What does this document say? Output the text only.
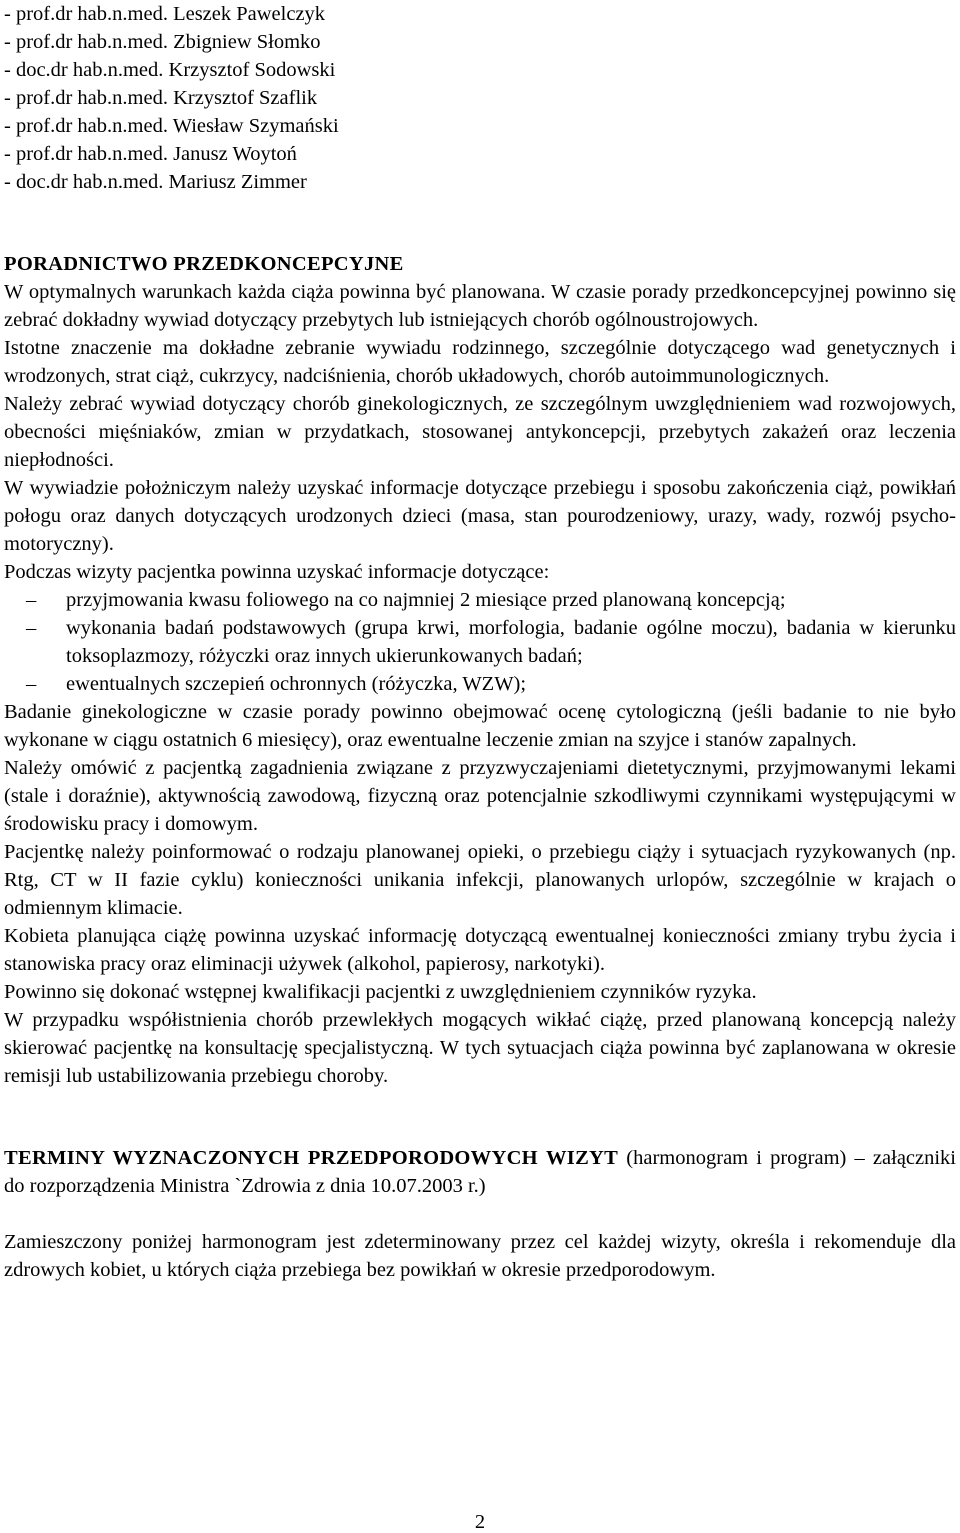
- prof.dr hab.n.med. Leszek Pawelczyk
- prof.dr hab.n.med. Zbigniew Słomko
- doc.dr hab.n.med. Krzysztof Sodowski
- prof.dr hab.n.med. Krzysztof Szaflik
- prof.dr hab.n.med. Wiesław Szymański
- prof.dr hab.n.med. Janusz Woytoń
- doc.dr hab.n.med. Mariusz Zimmer

PORADNICTWO PRZEDKONCEPCYJNE

W optymalnych warunkach każda ciąża powinna być planowana. W czasie porady przedkoncepcyjnej powinno się zebrać dokładny wywiad dotyczący przebytych lub istniejących chorób ogólnoustrojowych.

Istotne znaczenie ma dokładne zebranie wywiadu rodzinnego, szczególnie dotyczącego wad genetycznych i wrodzonych, strat ciąż, cukrzycy, nadciśnienia, chorób układowych, chorób autoimmunologicznych.

Należy zebrać wywiad dotyczący chorób ginekologicznych, ze szczególnym uwzględnieniem wad rozwojowych, obecności mięśniaków, zmian w przydatkach, stosowanej antykoncepcji, przebytych zakażeń oraz leczenia niepłodności.

W wywiadzie położniczym należy uzyskać informacje dotyczące przebiegu i sposobu zakończenia ciąż, powikłań połogu oraz danych dotyczących urodzonych dzieci (masa, stan pourodzeniowy, urazy, wady, rozwój psycho-motoryczny).

Podczas wizyty pacjentka powinna uzyskać informacje dotyczące:

– przyjmowania kwasu foliowego na co najmniej 2 miesiące przed planowaną koncepcją;
– wykonania badań podstawowych (grupa krwi, morfologia, badanie ogólne moczu), badania w kierunku toksoplazmozy, różyczki oraz innych ukierunkowanych badań;
– ewentualnych szczepień ochronnych (różyczka, WZW);

Badanie ginekologiczne w czasie porady powinno obejmować ocenę cytologiczną (jeśli badanie to nie było wykonane w ciągu ostatnich 6 miesięcy), oraz ewentualne leczenie zmian na szyjce i stanów zapalnych.

Należy omówić z pacjentką zagadnienia związane z przyzwyczajeniami dietetycznymi, przyjmowanymi lekami (stale i doraźnie), aktywnością zawodową, fizyczną oraz potencjalnie szkodliwymi czynnikami występującymi w środowisku pracy i domowym.

Pacjentkę należy poinformować o rodzaju planowanej opieki, o przebiegu ciąży i sytuacjach ryzykowanych (np. Rtg, CT w II fazie cyklu) konieczności unikania infekcji, planowanych urlopów, szczególnie w krajach o odmiennym klimacie.

Kobieta planująca ciążę powinna uzyskać informację dotyczącą ewentualnej konieczności zmiany trybu życia i stanowiska pracy oraz eliminacji używek (alkohol, papierosy, narkotyki).

Powinno się dokonać wstępnej kwalifikacji pacjentki z uwzględnieniem czynników ryzyka.

W przypadku współistnienia chorób przewlekłych mogących wikłać ciążę, przed planowaną koncepcją należy skierować pacjentkę na konsultację specjalistyczną. W tych sytuacjach ciąża powinna być zaplanowana w okresie remisji lub ustabilizowania przebiegu choroby.

TERMINY WYZNACZONYCH PRZEDPORODOWYCH WIZYT (harmonogram i program) – załączniki do rozporządzenia Ministra `Zdrowia z dnia 10.07.2003 r.)

Zamieszczony poniżej harmonogram jest zdeterminowany przez cel każdej wizyty, określa i rekomenduje dla zdrowych kobiet, u których ciąża przebiega bez powikłań w okresie przedporodowym.

2
